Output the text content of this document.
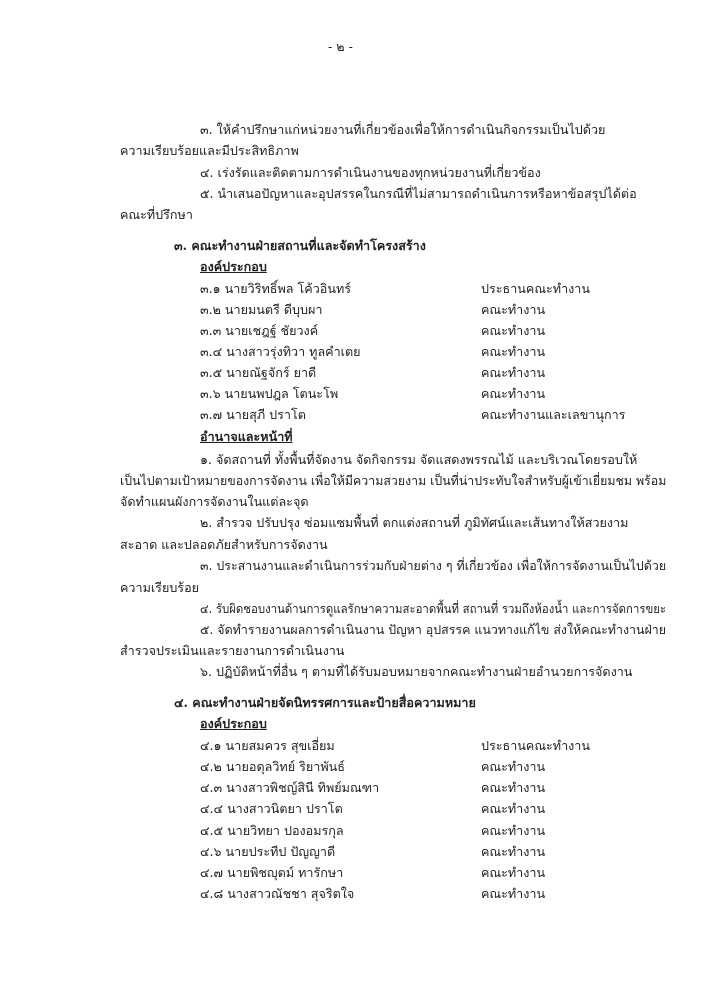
- ๒ -
๓. ให้คำปรึกษาแก่หน่วยงานที่เกี่ยวข้องเพื่อให้การดำเนินกิจกรรมเป็นไปด้วย
ความเรียบร้อยและมีประสิทธิภาพ
๔. เร่งรัดและติดตามการดำเนินงานของทุกหน่วยงานที่เกี่ยวข้อง
๕. นำเสนอปัญหาและอุปสรรคในกรณีที่ไม่สามารถดำเนินการหรือหาข้อสรุปได้ต่อ
คณะที่ปรึกษา
๓. คณะทำงานฝ่ายสถานที่และจัดทำโครงสร้าง
องค์ประกอบ
๓.๑ นายวิริทธิ์พล โค้วอินทร์	ประธานคณะทำงาน
๓.๒ นายมนตรี ดีบุบผา	คณะทำงาน
๓.๓ นายเชฎฐ์ ชัยวงค์	คณะทำงาน
๓.๔ นางสาวรุ่งทิวา ทูลคำเตย	คณะทำงาน
๓.๕ นายณัฐจักร์ ยาดี	คณะทำงาน
๓.๖ นายนพปฎล โตนะโพ	คณะทำงาน
๓.๗ นายสุภี ปราโต	คณะทำงานและเลขานุการ
อำนาจและหน้าที่
๑. จัดสถานที่ ทั้งพื้นที่จัดงาน จัดกิจกรรม จัดแสดงพรรณไม้ และบริเวณโดยรอบให้
เป็นไปตามเป้าหมายของการจัดงาน เพื่อให้มีความสวยงาม เป็นที่น่าประทับใจสำหรับผู้เข้าเยี่ยมชม พร้อม
จัดทำแผนผังการจัดงานในแต่ละจุด
๒. สำรวจ ปรับปรุง ซ่อมแซมพื้นที่ ตกแต่งสถานที่ ภูมิทัศน์และเส้นทางให้สวยงาม
สะอาด และปลอดภัยสำหรับการจัดงาน
๓. ประสานงานและดำเนินการร่วมกับฝ่ายต่าง ๆ ที่เกี่ยวข้อง เพื่อให้การจัดงานเป็นไปด้วย
ความเรียบร้อย
๔. รับผิดชอบงานด้านการดูแลรักษาความสะอาดพื้นที่ สถานที่ รวมถึงห้องน้ำ และการจัดการขยะ
๕. จัดทำรายงานผลการดำเนินงาน ปัญหา อุปสรรค แนวทางแก้ไข ส่งให้คณะทำงานฝ่าย
สำรวจประเมินและรายงานการดำเนินงาน
๖. ปฏิบัติหน้าที่อื่น ๆ ตามที่ได้รับมอบหมายจากคณะทำงานฝ่ายอำนวยการจัดงาน
๔. คณะทำงานฝ่ายจัดนิทรรศการและป้ายสื่อความหมาย
องค์ประกอบ
๔.๑ นายสมควร สุขเอี่ยม	ประธานคณะทำงาน
๔.๒ นายอดุลวิทย์ ริยาพันธ์	คณะทำงาน
๔.๓ นางสาวพิชญ์สินี ทิพย์มณฑา	คณะทำงาน
๔.๔ นางสาวนิตยา ปราโต	คณะทำงาน
๔.๕ นายวิทยา ปองอมรกุล	คณะทำงาน
๔.๖ นายประทีป ปัญญาดี	คณะทำงาน
๔.๗ นายพิชญุตม์ ทารักษา	คณะทำงาน
๔.๘ นางสาวณัชชา สุจริตใจ	คณะทำงาน
